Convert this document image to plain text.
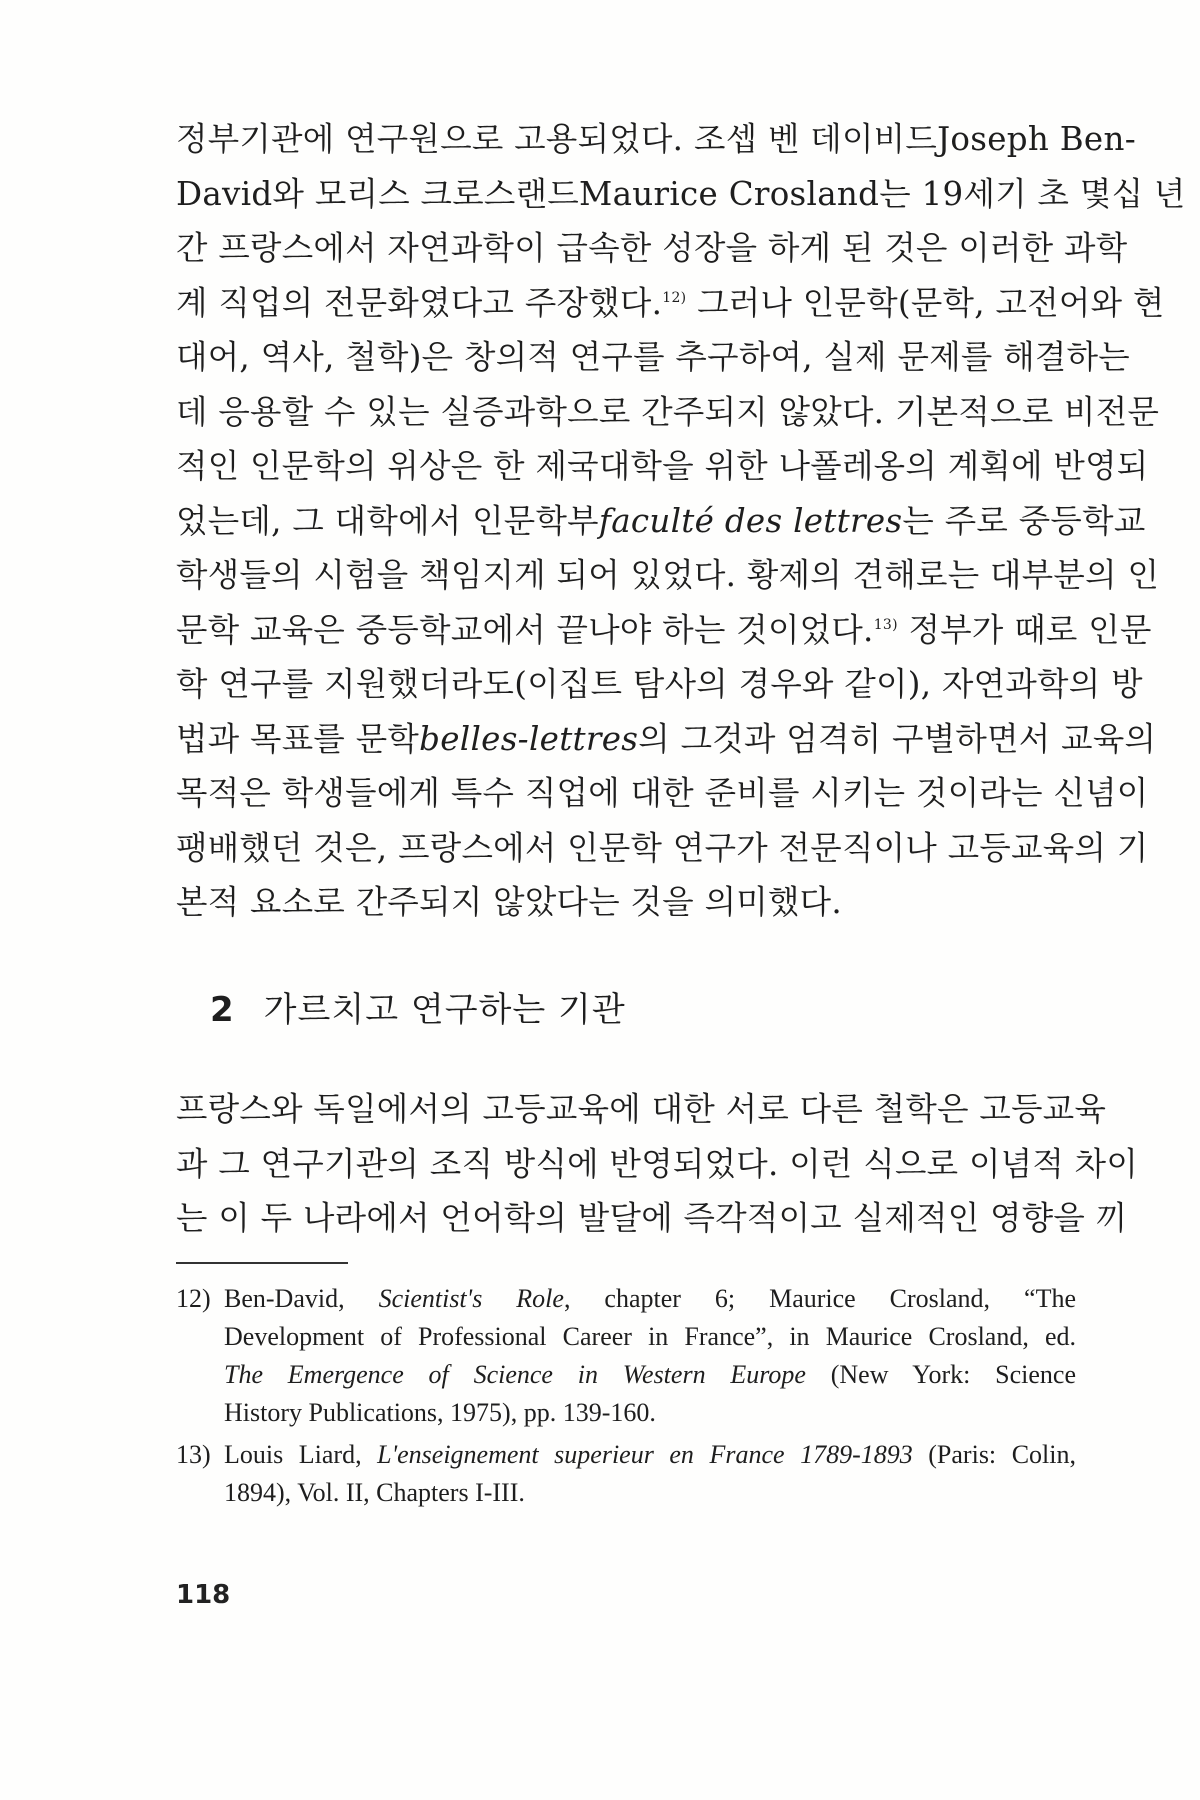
정부기관에 연구원으로 고용되었다. 조셉 벤 데이비드Joseph Ben-
David와 모리스 크로스랜드Maurice Crosland는 19세기 초 몇십 년
간 프랑스에서 자연과학이 급속한 성장을 하게 된 것은 이러한 과학
계 직업의 전문화였다고 주장했다.$^{12)}$ 그러나 인문학(문학, 고전어와 현
대어, 역사, 철학)은 창의적 연구를 추구하여, 실제 문제를 해결하는
데 응용할 수 있는 실증과학으로 간주되지 않았다. 기본적으로 비전문
적인 인문학의 위상은 한 제국대학을 위한 나폴레옹의 계획에 반영되
었는데, 그 대학에서 인문학부faculté des lettres는 주로 중등학교
학생들의 시험을 책임지게 되어 있었다. 황제의 견해로는 대부분의 인
문학 교육은 중등학교에서 끝나야 하는 것이었다.$^{13)}$ 정부가 때로 인문
학 연구를 지원했더라도(이집트 탐사의 경우와 같이), 자연과학의 방
법과 목표를 문학belles-lettres의 그것과 엄격히 구별하면서 교육의
목적은 학생들에게 특수 직업에 대한 준비를 시키는 것이라는 신념이
팽배했던 것은, 프랑스에서 인문학 연구가 전문직이나 고등교육의 기
본적 요소로 간주되지 않았다는 것을 의미했다.
2 가르치고 연구하는 기관
프랑스와 독일에서의 고등교육에 대한 서로 다른 철학은 고등교육
과 그 연구기관의 조직 방식에 반영되었다. 이런 식으로 이념적 차이
는 이 두 나라에서 언어학의 발달에 즉각적이고 실제적인 영향을 끼
12) Ben-David, Scientist's Role, chapter 6; Maurice Crosland, “The
Development of Professional Career in France”, in Maurice Crosland, ed.
The Emergence of Science in Western Europe (New York: Science
History Publications, 1975), pp. 139-160.
13) Louis Liard, L'enseignement superieur en France 1789-1893 (Paris: Colin,
1894), Vol. II, Chapters I-III.
118
